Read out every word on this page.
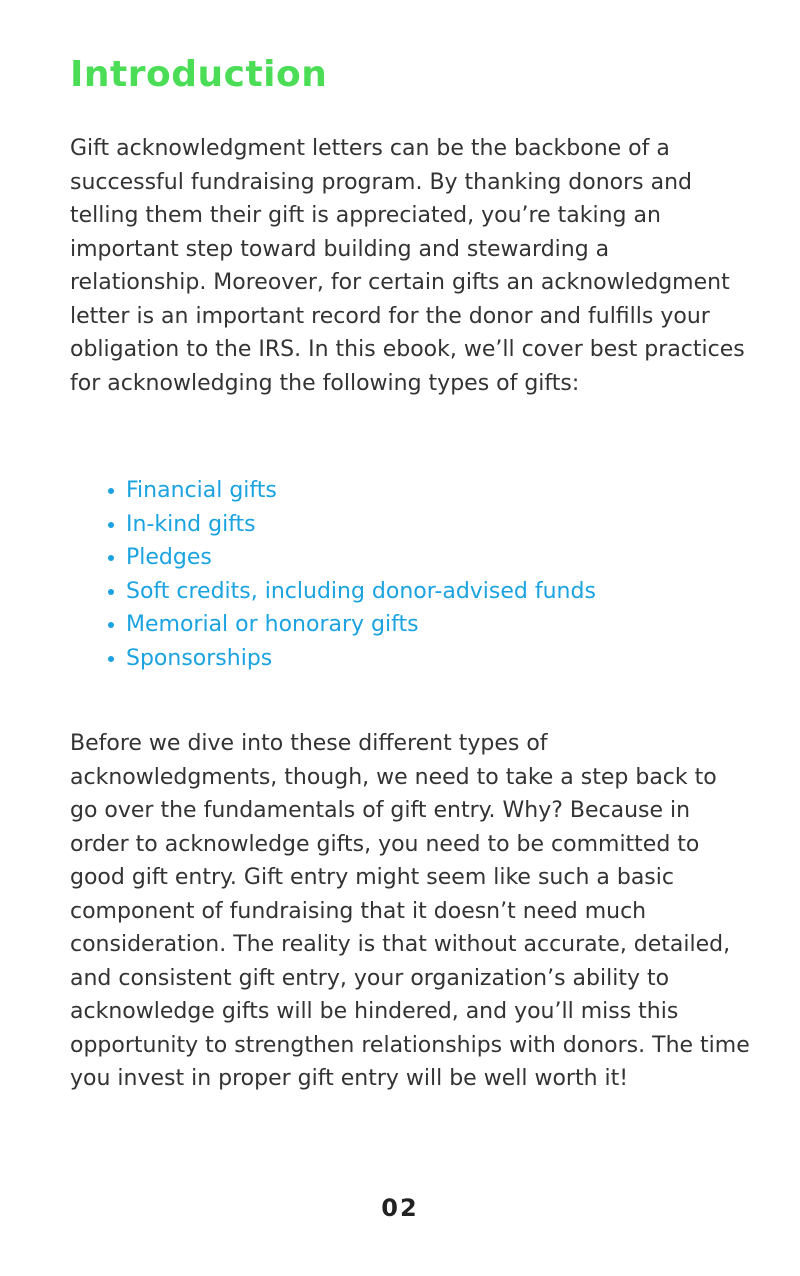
Introduction

Gift acknowledgment letters can be the backbone of a successful fundraising program. By thanking donors and telling them their gift is appreciated, you’re taking an important step toward building and stewarding a relationship. Moreover, for certain gifts an acknowledgment letter is an important record for the donor and fulfills your obligation to the IRS. In this ebook, we’ll cover best practices for acknowledging the following types of gifts:

Financial gifts
In-kind gifts
Pledges
Soft credits, including donor-advised funds
Memorial or honorary gifts
Sponsorships

Before we dive into these different types of acknowledgments, though, we need to take a step back to go over the fundamentals of gift entry. Why? Because in order to acknowledge gifts, you need to be committed to good gift entry. Gift entry might seem like such a basic component of fundraising that it doesn’t need much consideration. The reality is that without accurate, detailed, and consistent gift entry, your organization’s ability to acknowledge gifts will be hindered, and you’ll miss this opportunity to strengthen relationships with donors. The time you invest in proper gift entry will be well worth it!

02
